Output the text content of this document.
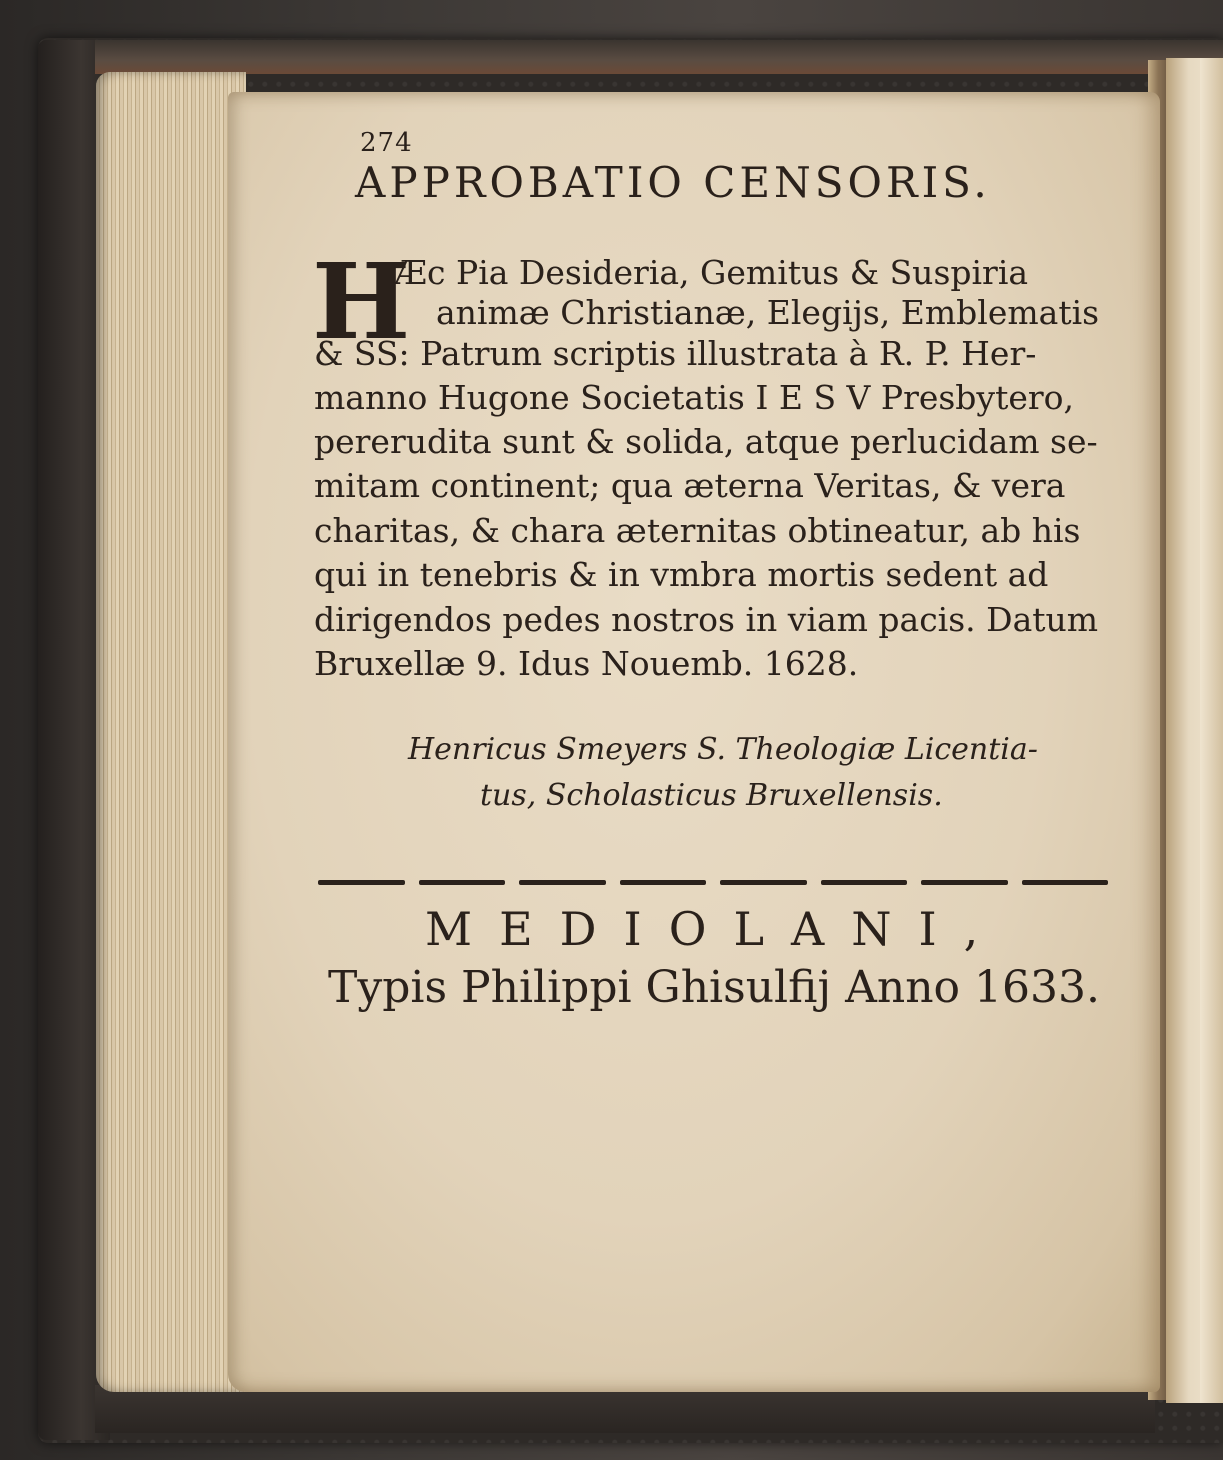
274
APPROBATIO CENSORIS.
H
Æc Pia Desideria, Gemitus & Suspiria
animæ Christianæ, Elegijs, Emblematis
& SS: Patrum scriptis illustrata à R. P. Her-
manno Hugone Societatis I E S V Presbytero,
pererudita sunt & solida, atque perlucidam se-
mitam continent; qua æterna Veritas, & vera
charitas, & chara æternitas obtineatur, ab his
qui in tenebris & in vmbra mortis sedent ad
dirigendos pedes nostros in viam pacis. Datum
Bruxellæ 9. Idus Nouemb. 1628.
Henricus Smeyers S. Theologiæ Licentia-
tus, Scholasticus Bruxellensis.
MEDIOLANI,
Typis Philippi Ghisulfij Anno 1633.
